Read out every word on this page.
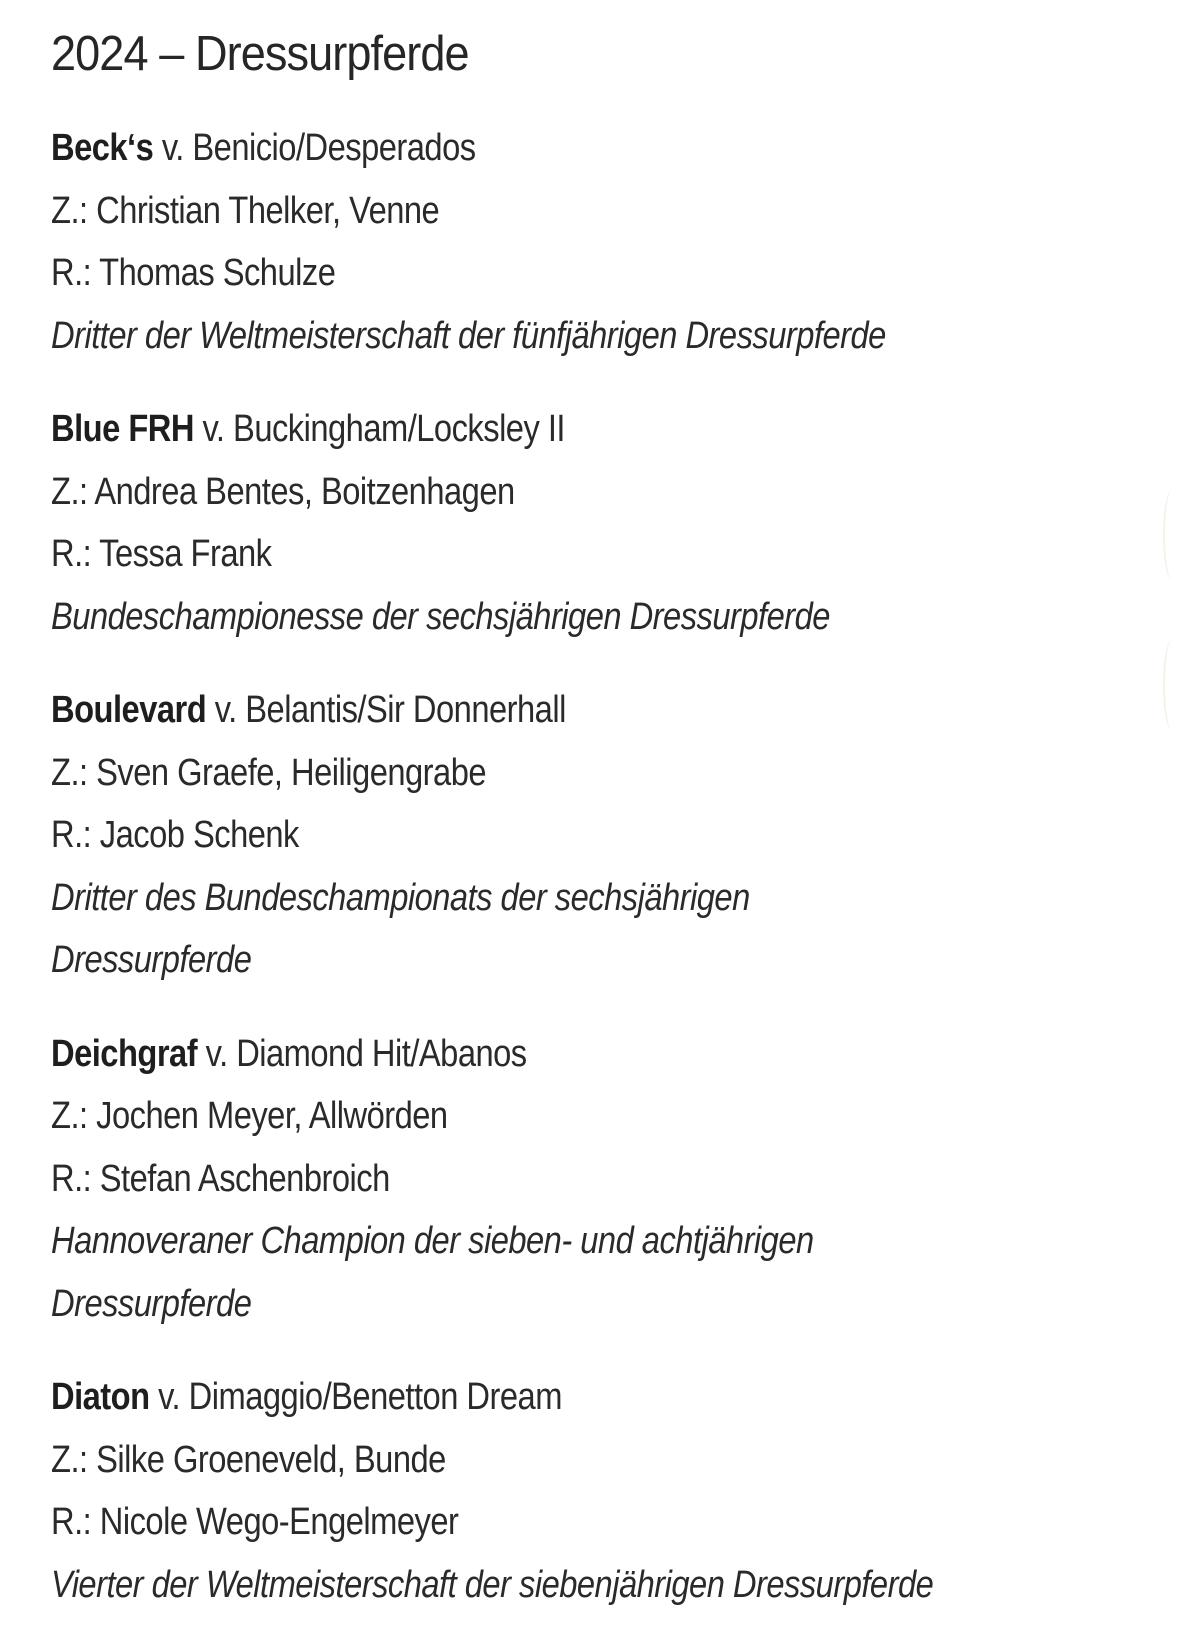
2024 – Dressurpferde
Beck‘s v. Benicio/Desperados
Z.: Christian Thelker, Venne
R.: Thomas Schulze
Dritter der Weltmeisterschaft der fünfjährigen Dressurpferde
Blue FRH v. Buckingham/Locksley II
Z.: Andrea Bentes, Boitzenhagen
R.: Tessa Frank
Bundeschampionesse der sechsjährigen Dressurpferde
Boulevard v. Belantis/Sir Donnerhall
Z.: Sven Graefe, Heiligengrabe
R.: Jacob Schenk
Dritter des Bundeschampionats der sechsjährigen Dressurpferde
Deichgraf v. Diamond Hit/Abanos
Z.: Jochen Meyer, Allwörden
R.: Stefan Aschenbroich
Hannoveraner Champion der sieben- und achtjährigen Dressurpferde
Diaton v. Dimaggio/Benetton Dream
Z.: Silke Groeneveld, Bunde
R.: Nicole Wego-Engelmeyer
Vierter der Weltmeisterschaft der siebenjährigen Dressurpferde
